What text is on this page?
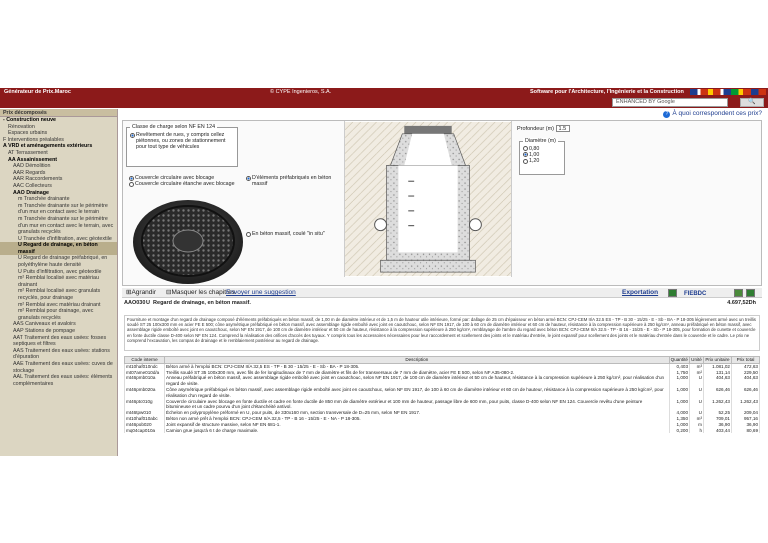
Générateur de Prix.Maroc	© CYPE Ingenieros, S.A.	Software pour l'Architecture, l'Ingénierie et la Construction
ENHANCED BY Google	🔍
Prix décomposés
- Construction neuve
Rénovation
Espaces urbains
F Interventions préalables
A VRD et aménagements extérieurs
AT Terrassement
AA Assainissement
AAD Démolition
AAR Regards
AAR Raccordements
AAC Collecteurs
AAO Drainage
m Tranchée drainante
m Tranchée drainante sur le périmètre d'un mur en contact avec le terrain
m Tranchée drainante sur le périmètre d'un mur en contact avec le terrain, avec granulats recyclés
U Tranchée d'infiltration, avec géotextile
U Regard de drainage, en béton massif
U Regard de drainage préfabriqué, en polyéthylène haute densité
U Puits d'infiltration, avec géotextile
m² Remblai localisé avec matériau drainant
m² Remblai localisé avec granulats recyclés, pour drainage
m² Remblai avec matériau drainant
m² Remblai pour drainage, avec granulats recyclés
AAS Caniveaux et avaloirs
AAP Stations de pompage
AAT Traitement des eaux usées: fosses septiques et filtres
AAS Traitement des eaux usées: stations d'épuration
AAE Traitement des eaux usées: cuves de stockage
AAL Traitement des eaux usées: éléments complémentaires
? À quoi correspondent ces prix?
Classe de charge selon NF EN 124
Revêtement de rues, y compris cellez piétonnes, ou zones de stationnement pour tout type de véhicules
Couvercle circulaire avec blocage
Couvercle circulaire étanche avec blocage
D'éléments préfabriqués en béton massif
En béton massif, coulé "in situ"
Profondeur (m) 1.5
Diamètre (m)
0,80
1,00
1,20
⊞Agrandir ⊟Masquer les chapitres
Envoyer une suggestion	Exportation	FIEBDC
AAO030 U Regard de drainage, en béton massif.	4.697,52Dh
Fourniture et montage d'un regard de drainage composé d'éléments préfabriqués en béton massif, de 1,00 m de diamètre intérieur et de 1,5 m de hauteur utile intérieure, formé par: dallage de 25 cm d'épaisseur en béton armé BCN: CPJ-CEM II/A 32.5 ES - TP - B 30 - 15/25 - E - Sb - BA - P 18-305 légèrement armé avec un treillis soudé ST 25 100x300 mm en acier FE E 500; cône asymétrique préfabriqué en béton massif, avec assemblage rigide emboîté avec joint en caoutchouc, selon NF EN 1917, de 100 à 60 cm de diamètre intérieur et 60 cm de hauteur, résistance à la compression supérieure à 250 kg/cm², anneau préfabriqué en béton massif, avec assemblage rigide emboîté avec joint en caoutchouc, selon NF EN 1917, de 100 cm de diamètre intérieur et 50 cm de hauteur, résistance à la compression supérieure à 250 kg/cm², remblayage de l'ambre du regard avec béton BCN: CPJ-CEM II/A 32.5 - TP - B 16 - 15/25 - E - Sb - P 18-305, pour formation de cunette et couvercle en fonte ductile classe D-400 selon NF EN 124. Comprend la réalisation des orifices d'accès des tuyaux. Y compris tous les accessoires nécessaires pour leur raccordement et scellement des joints et le matériau d'entrée, le joint expansif pour scellement des joints et le matériau d'entrée dans le couvercle et le cadre. Le prix ne comprend l'excavation, les compas de drainage et le remblaiement postérieur au regard de drainage.
Code interne	Description	Quantité	Unité	Prix unitaire	Prix total
mt10haf010ndc	Béton armé à l'emploi BCN: CPJ-CEM II/A 32,5 ES - TP - B 30 - 15/25 - E - Sb - BA - P 18-305.	0,403	m³	1.081,02	472,63
mt07ame010d/a	Treillis soudé ST 35 100x300 mm, avec fils de fer longitudinaux de 7 mm de diamètre et fils de fer transversaux de 7 mm de diamètre, acier FE E 500, selon NF A35-080-2.	1,750	m²	131,14	229,50
mt46pmb010a	Anneau préfabriqué en béton massif, avec assemblage rigide emboîté avec joint en caoutchouc, selon NF EN 1917, de 100 cm de diamètre intérieur et 50 cm de hauteur, résistance à la compression supérieure à 250 kg/cm², pour réalisation d'un regard de visite.	1,000	U	404,63	404,63
mt46pmb020a	Cône asymétrique préfabriqué en béton massif, avec assemblage rigide emboîté avec joint en caoutchouc, selon NF EN 1917, de 100 à 60 cm de diamètre intérieur et 60 cm de hauteur, résistance à la compression supérieure à 250 kg/cm², pour réalisation d'un regard de visite.	1,000	U	626,46	626,46
mt46ptc010g	Couvercle circulaire avec blocage en fonte ductile et cadre en fonte ductile de 850 mm de diamètre extérieur et 100 mm de hauteur, passage libre de 600 mm, pour puits, classe D-400 selon NF EN 124. Couvercle revêtu d'une peinture bitumineuse et un cadre pourvu d'un joint d'étanchéité antivol.	1,000	U	1.262,43	1.262,43
mt46tpw010	Échelon en polypropylène préformé en U, pour puits, de 330x160 mm, section transversale de D=25 mm, selon NF EN 1917.	4,000	U	52,25	209,04
mt10haf010abc	Béton non armé prêt à l'emploi BCN: CPJ-CEM II/A 32,5 - TP - B 16 - 15/25 - E - NA - P 18-305.	1,350	m³	709,01	957,16
mt46pob020	Joint expansif de structure massive, selon NF EN 681-1.	1,000	m	36,90	36,90
mq04cap010a	Camion grue jusqu'à 6 t de charge maximale.	0,200	h	403,44	80,69
